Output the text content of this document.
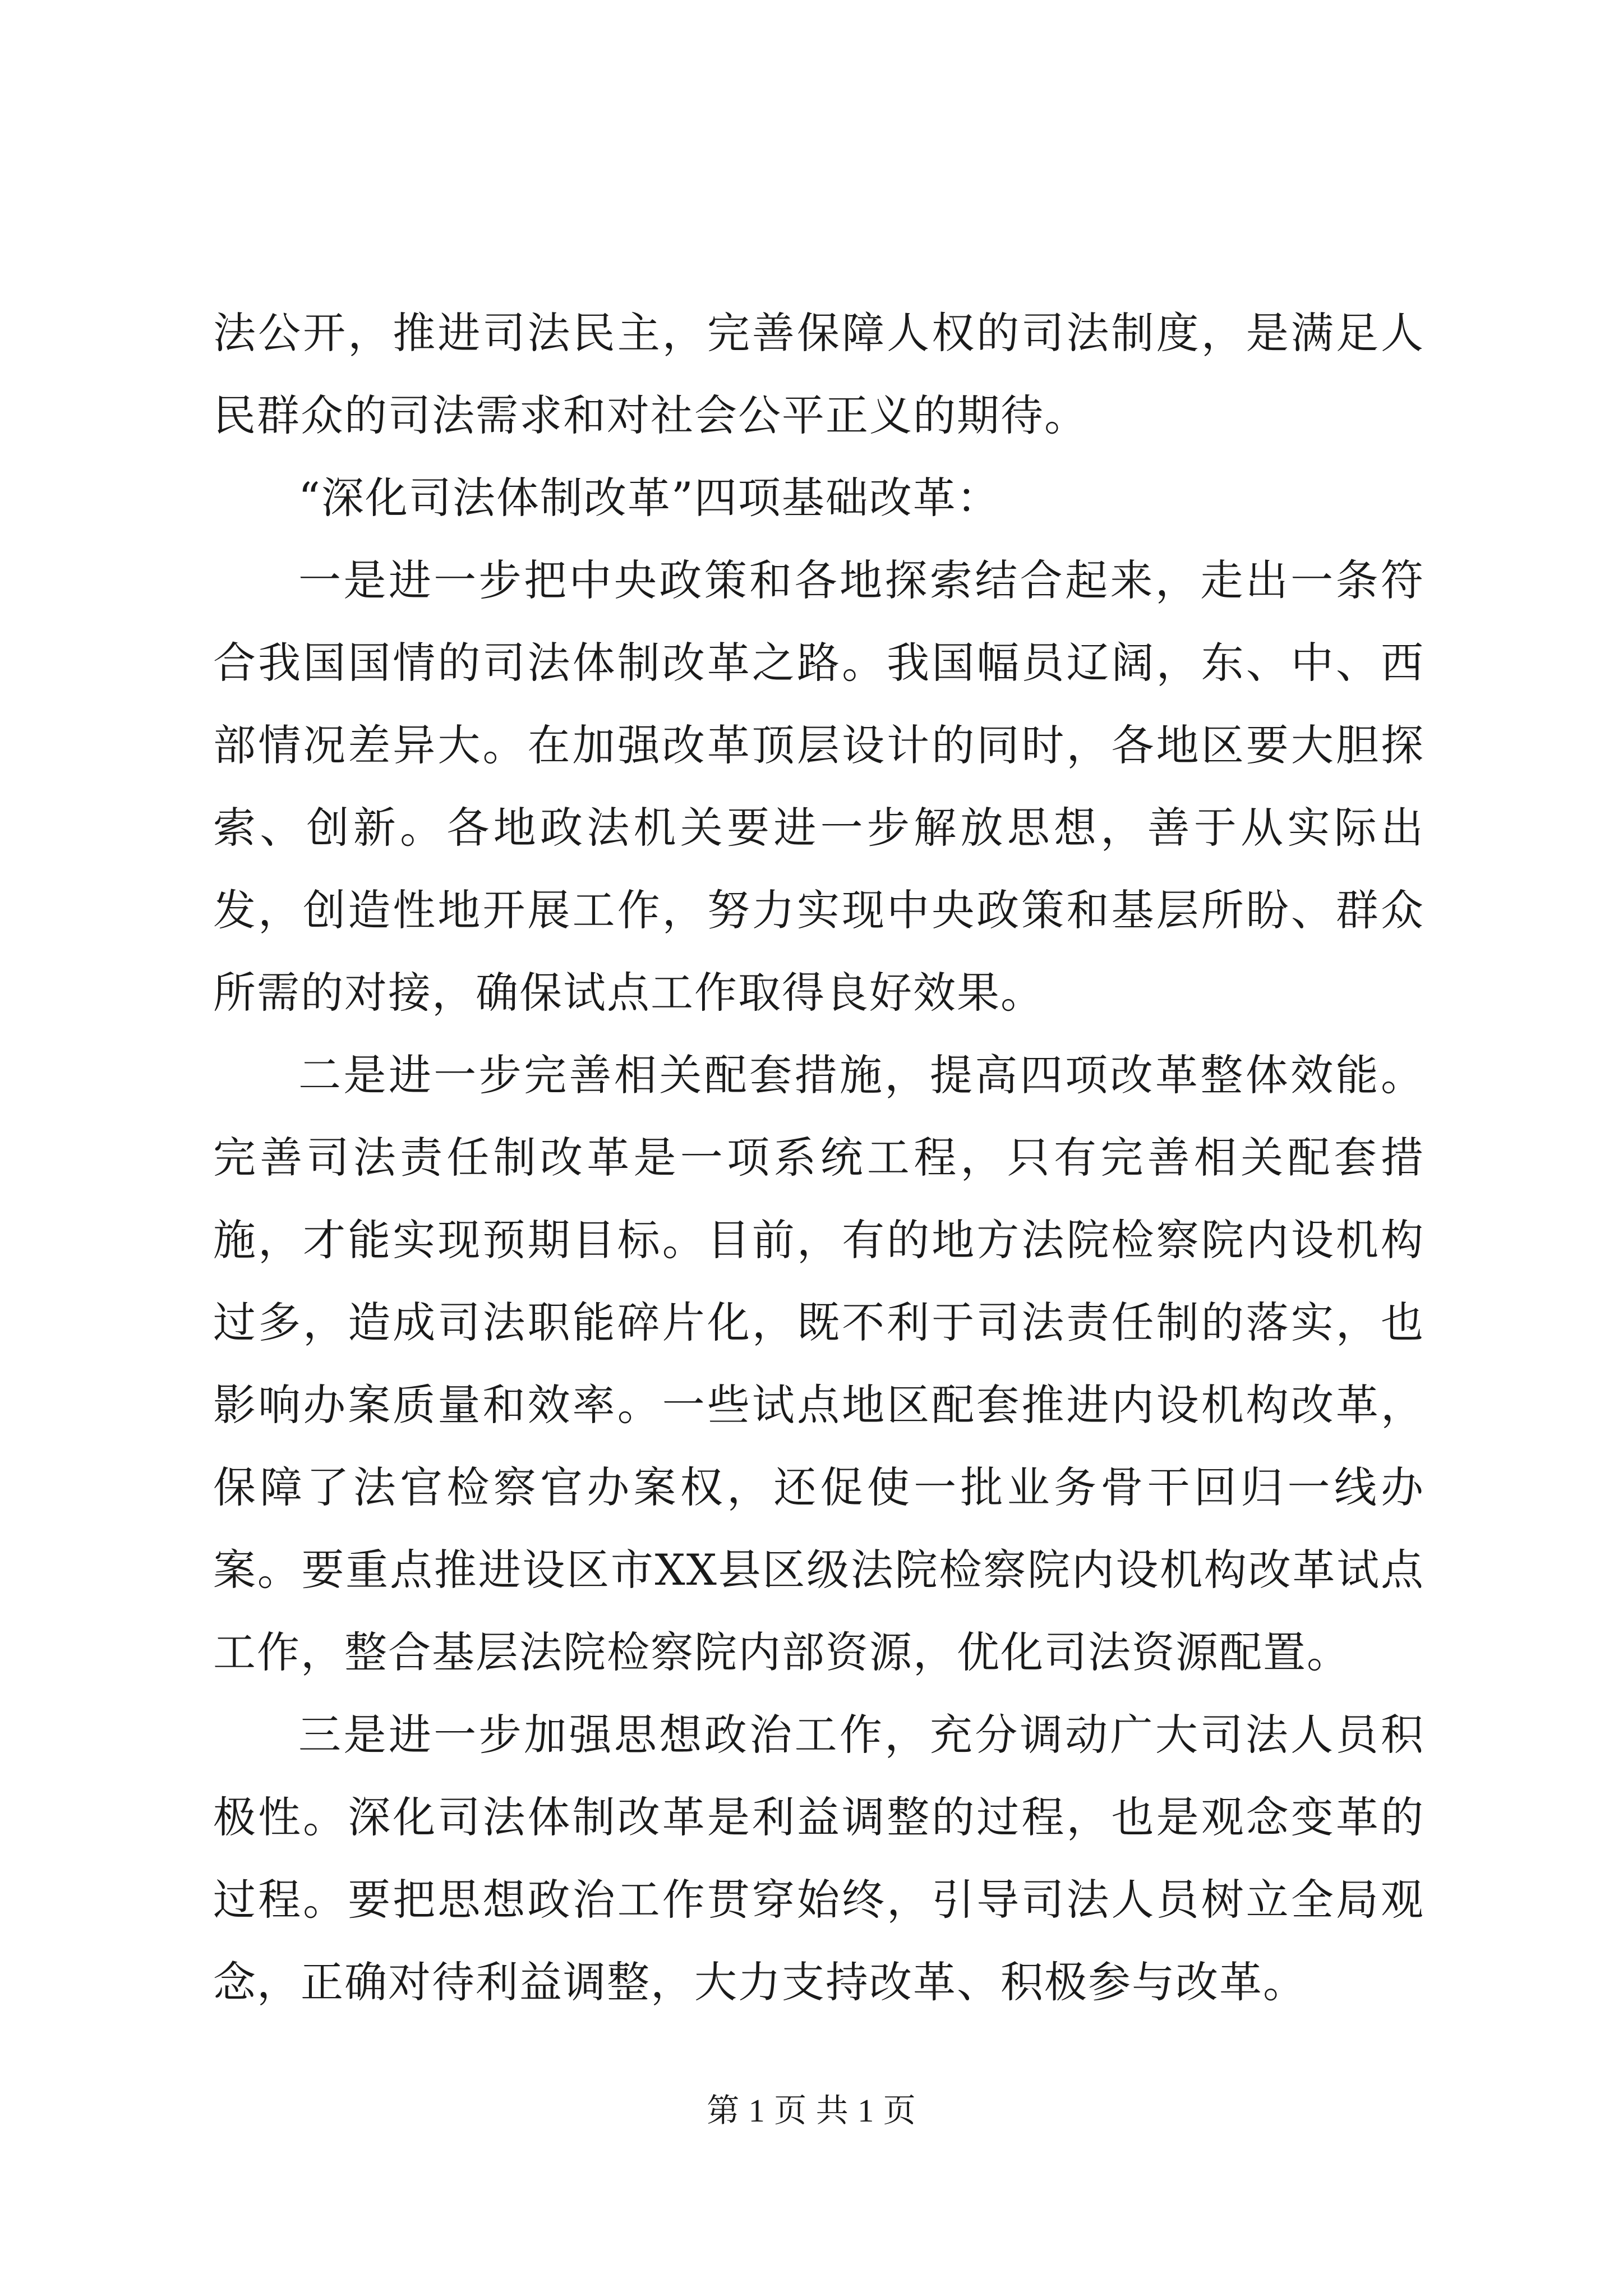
法公开，推进司法民主，完善保障人权的司法制度，是满足人民群众的司法需求和对社会公平正义的期待。

“深化司法体制改革”四项基础改革：

一是进一步把中央政策和各地探索结合起来，走出一条符合我国国情的司法体制改革之路。我国幅员辽阔，东、中、西部情况差异大。在加强改革顶层设计的同时，各地区要大胆探索、创新。各地政法机关要进一步解放思想，善于从实际出发，创造性地开展工作，努力实现中央政策和基层所盼、群众所需的对接，确保试点工作取得良好效果。

二是进一步完善相关配套措施，提高四项改革整体效能。完善司法责任制改革是一项系统工程，只有完善相关配套措施，才能实现预期目标。目前，有的地方法院检察院内设机构过多，造成司法职能碎片化，既不利于司法责任制的落实，也影响办案质量和效率。一些试点地区配套推进内设机构改革，保障了法官检察官办案权，还促使一批业务骨干回归一线办案。要重点推进设区市XX县区级法院检察院内设机构改革试点工作，整合基层法院检察院内部资源，优化司法资源配置。

三是进一步加强思想政治工作，充分调动广大司法人员积极性。深化司法体制改革是利益调整的过程，也是观念变革的过程。要把思想政治工作贯穿始终，引导司法人员树立全局观念，正确对待利益调整，大力支持改革、积极参与改革。

第 1 页 共 1 页
